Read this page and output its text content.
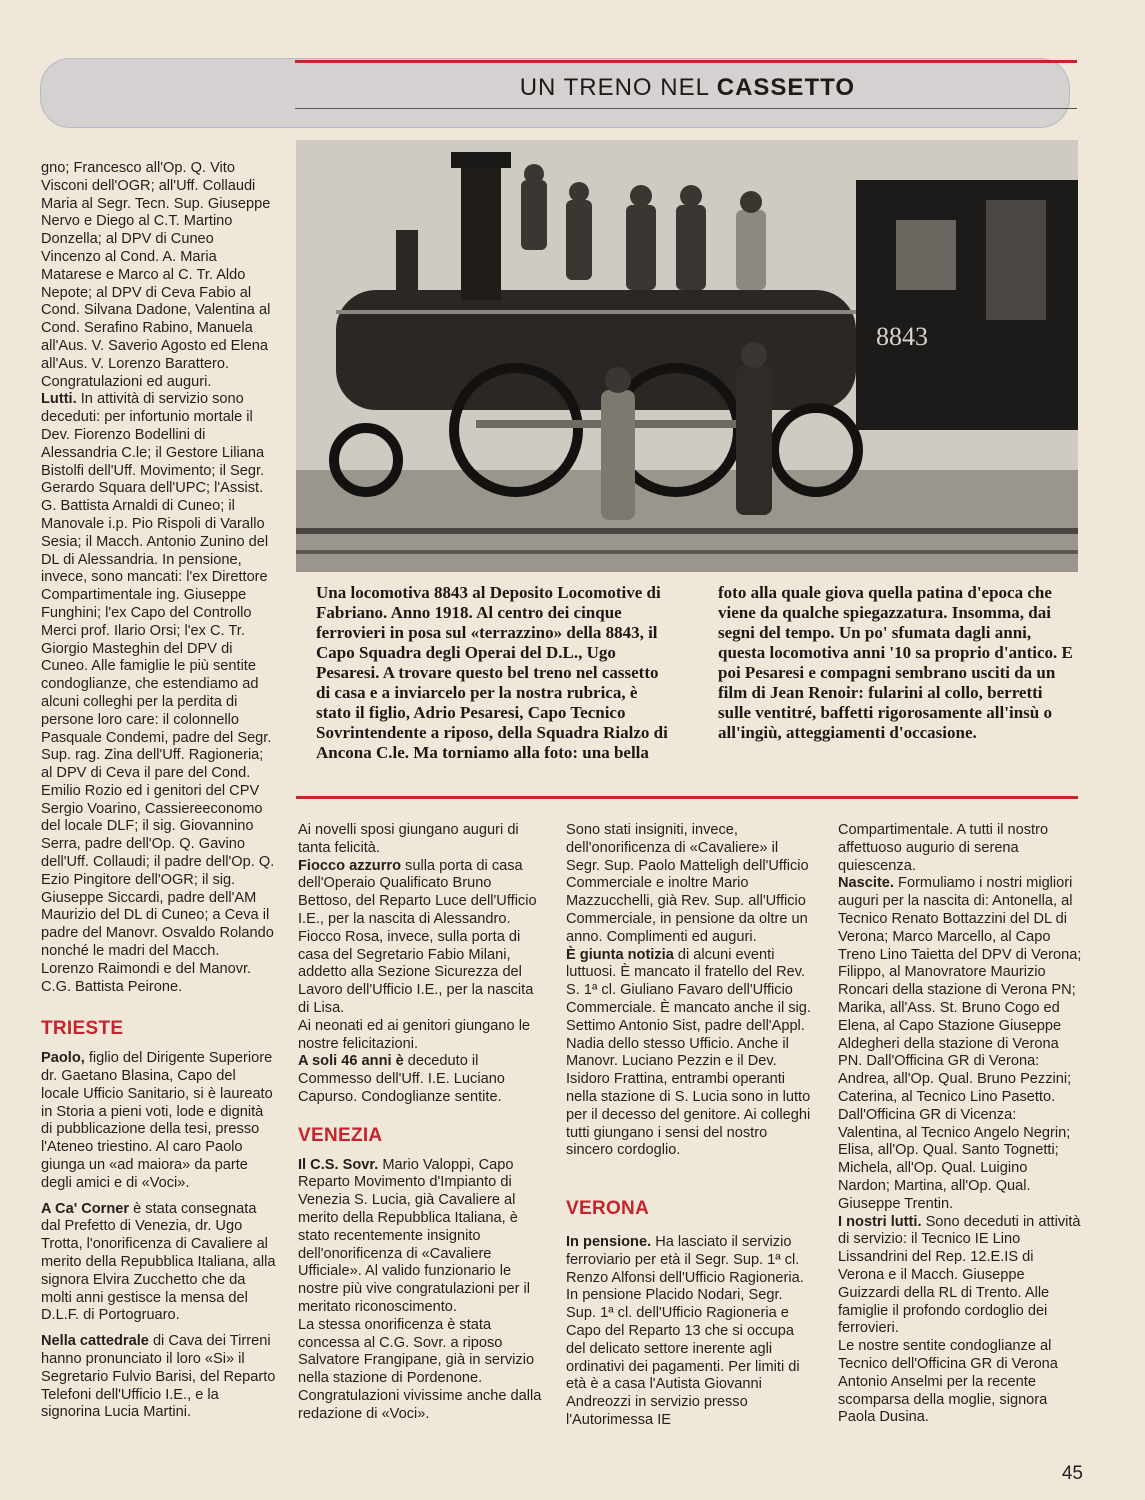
UN TRENO NEL CASSETTO
8843
Una locomotiva 8843 al Deposito Locomotive di Fabriano. Anno 1918. Al centro dei cinque ferrovieri in posa sul «terrazzino» della 8843, il Capo Squadra degli Operai del D.L., Ugo Pesaresi. A trovare questo bel treno nel cassetto di casa e a inviarcelo per la nostra rubrica, è stato il figlio, Adrio Pesaresi, Capo Tecnico Sovrintendente a riposo, della Squadra Rialzo di Ancona C.le. Ma torniamo alla foto: una bella foto alla quale giova quella patina d'epoca che viene da qualche spiegazzatura. Insomma, dai segni del tempo. Un po' sfumata dagli anni, questa locomotiva anni '10 sa proprio d'antico. E poi Pesaresi e compagni sembrano usciti da un film di Jean Renoir: fularini al collo, berretti sulle ventitré, baffetti rigorosamente all'insù o all'ingiù, atteggiamenti d'occasione.

gno; Francesco all'Op. Q. Vito Visconi dell'OGR; all'Uff. Collaudi Maria al Segr. Tecn. Sup. Giuseppe Nervo e Diego al C.T. Martino Donzella; al DPV di Cuneo Vincenzo al Cond. A. Maria Matarese e Marco al C. Tr. Aldo Nepote; al DPV di Ceva Fabio al Cond. Silvana Dadone, Valentina al Cond. Serafino Rabino, Manuela all'Aus. V. Saverio Agosto ed Elena all'Aus. V. Lorenzo Barattero. Congratulazioni ed auguri.

Lutti. In attività di servizio sono deceduti: per infortunio mortale il Dev. Fiorenzo Bodellini di Alessandria C.le; il Gestore Liliana Bistolfi dell'Uff. Movimento; il Segr. Gerardo Squara dell'UPC; l'Assist. G. Battista Arnaldi di Cuneo; il Manovale i.p. Pio Rispoli di Varallo Sesia; il Macch. Antonio Zunino del DL di Alessandria. In pensione, invece, sono mancati: l'ex Direttore Compartimentale ing. Giuseppe Funghini; l'ex Capo del Controllo Merci prof. Ilario Orsi; l'ex C. Tr. Giorgio Masteghin del DPV di Cuneo. Alle famiglie le più sentite condoglianze, che estendiamo ad alcuni colleghi per la perdita di persone loro care: il colonnello Pasquale Condemi, padre del Segr. Sup. rag. Zina dell'Uff. Ragioneria; al DPV di Ceva il pare del Cond. Emilio Rozio ed i genitori del CPV Sergio Voarino, Cassiereeconomo del locale DLF; il sig. Giovannino Serra, padre dell'Op. Q. Gavino dell'Uff. Collaudi; il padre dell'Op. Q. Ezio Pingitore dell'OGR; il sig. Giuseppe Siccardi, padre dell'AM Maurizio del DL di Cuneo; a Ceva il padre del Manovr. Osvaldo Rolando nonché le madri del Macch. Lorenzo Raimondi e del Manovr. C.G. Battista Peirone.

TRIESTE

Paolo, figlio del Dirigente Superiore dr. Gaetano Blasina, Capo del locale Ufficio Sanitario, si è laureato in Storia a pieni voti, lode e dignità di pubblicazione della tesi, presso l'Ateneo triestino. Al caro Paolo giunga un «ad maiora» da parte degli amici e di «Voci».

A Ca' Corner è stata consegnata dal Prefetto di Venezia, dr. Ugo Trotta, l'onorificenza di Cavaliere al merito della Repubblica Italiana, alla signora Elvira Zucchetto che da molti anni gestisce la mensa del D.L.F. di Portogruaro.

Nella cattedrale di Cava dei Tirreni hanno pronunciato il loro «Si» il Segretario Fulvio Barisi, del Reparto Telefoni dell'Ufficio I.E., e la signorina Lucia Martini.

Ai novelli sposi giungano auguri di tanta felicità.

Fiocco azzurro sulla porta di casa dell'Operaio Qualificato Bruno Bettoso, del Reparto Luce dell'Ufficio I.E., per la nascita di Alessandro.

Fiocco Rosa, invece, sulla porta di casa del Segretario Fabio Milani, addetto alla Sezione Sicurezza del Lavoro dell'Ufficio I.E., per la nascita di Lisa.

Ai neonati ed ai genitori giungano le nostre felicitazioni.

A soli 46 anni è deceduto il Commesso dell'Uff. I.E. Luciano Capurso. Condoglianze sentite.

VENEZIA

Il C.S. Sovr. Mario Valoppi, Capo Reparto Movimento d'Impianto di Venezia S. Lucia, già Cavaliere al merito della Repubblica Italiana, è stato recentemente insignito dell'onorificenza di «Cavaliere Ufficiale». Al valido funzionario le nostre più vive congratulazioni per il meritato riconoscimento.

La stessa onorificenza è stata concessa al C.G. Sovr. a riposo Salvatore Frangipane, già in servizio nella stazione di Pordenone. Congratulazioni vivissime anche dalla redazione di «Voci».

Sono stati insigniti, invece, dell'onorificenza di «Cavaliere» il Segr. Sup. Paolo Matteligh dell'Ufficio Commerciale e inoltre Mario Mazzucchelli, già Rev. Sup. all'Ufficio Commerciale, in pensione da oltre un anno. Complimenti ed auguri.

È giunta notizia di alcuni eventi luttuosi. È mancato il fratello del Rev. S. 1ª cl. Giuliano Favaro dell'Ufficio Commerciale. È mancato anche il sig. Settimo Antonio Sist, padre dell'Appl. Nadia dello stesso Ufficio. Anche il Manovr. Luciano Pezzin e il Dev. Isidoro Frattina, entrambi operanti nella stazione di S. Lucia sono in lutto per il decesso del genitore. Ai colleghi tutti giungano i sensi del nostro sincero cordoglio.

VERONA

In pensione. Ha lasciato il servizio ferroviario per età il Segr. Sup. 1ª cl. Renzo Alfonsi dell'Ufficio Ragioneria. In pensione Placido Nodari, Segr. Sup. 1ª cl. dell'Ufficio Ragioneria e Capo del Reparto 13 che si occupa del delicato settore inerente agli ordinativi dei pagamenti. Per limiti di età è a casa l'Autista Giovanni Andreozzi in servizio presso l'Autorimessa IE

Compartimentale. A tutti il nostro affettuoso augurio di serena quiescenza.

Nascite. Formuliamo i nostri migliori auguri per la nascita di: Antonella, al Tecnico Renato Bottazzini del DL di Verona; Marco Marcello, al Capo Treno Lino Taietta del DPV di Verona; Filippo, al Manovratore Maurizio Roncari della stazione di Verona PN; Marika, all'Ass. St. Bruno Cogo ed Elena, al Capo Stazione Giuseppe Aldegheri della stazione di Verona PN. Dall'Officina GR di Verona: Andrea, all'Op. Qual. Bruno Pezzini; Caterina, al Tecnico Lino Pasetto. Dall'Officina GR di Vicenza: Valentina, al Tecnico Angelo Negrin; Elisa, all'Op. Qual. Santo Tognetti; Michela, all'Op. Qual. Luigino Nardon; Martina, all'Op. Qual. Giuseppe Trentin.

I nostri lutti. Sono deceduti in attività di servizio: il Tecnico IE Lino Lissandrini del Rep. 12.E.IS di Verona e il Macch. Giuseppe Guizzardi della RL di Trento. Alle famiglie il profondo cordoglio dei ferrovieri.

Le nostre sentite condoglianze al Tecnico dell'Officina GR di Verona Antonio Anselmi per la recente scomparsa della moglie, signora Paola Dusina.

45
